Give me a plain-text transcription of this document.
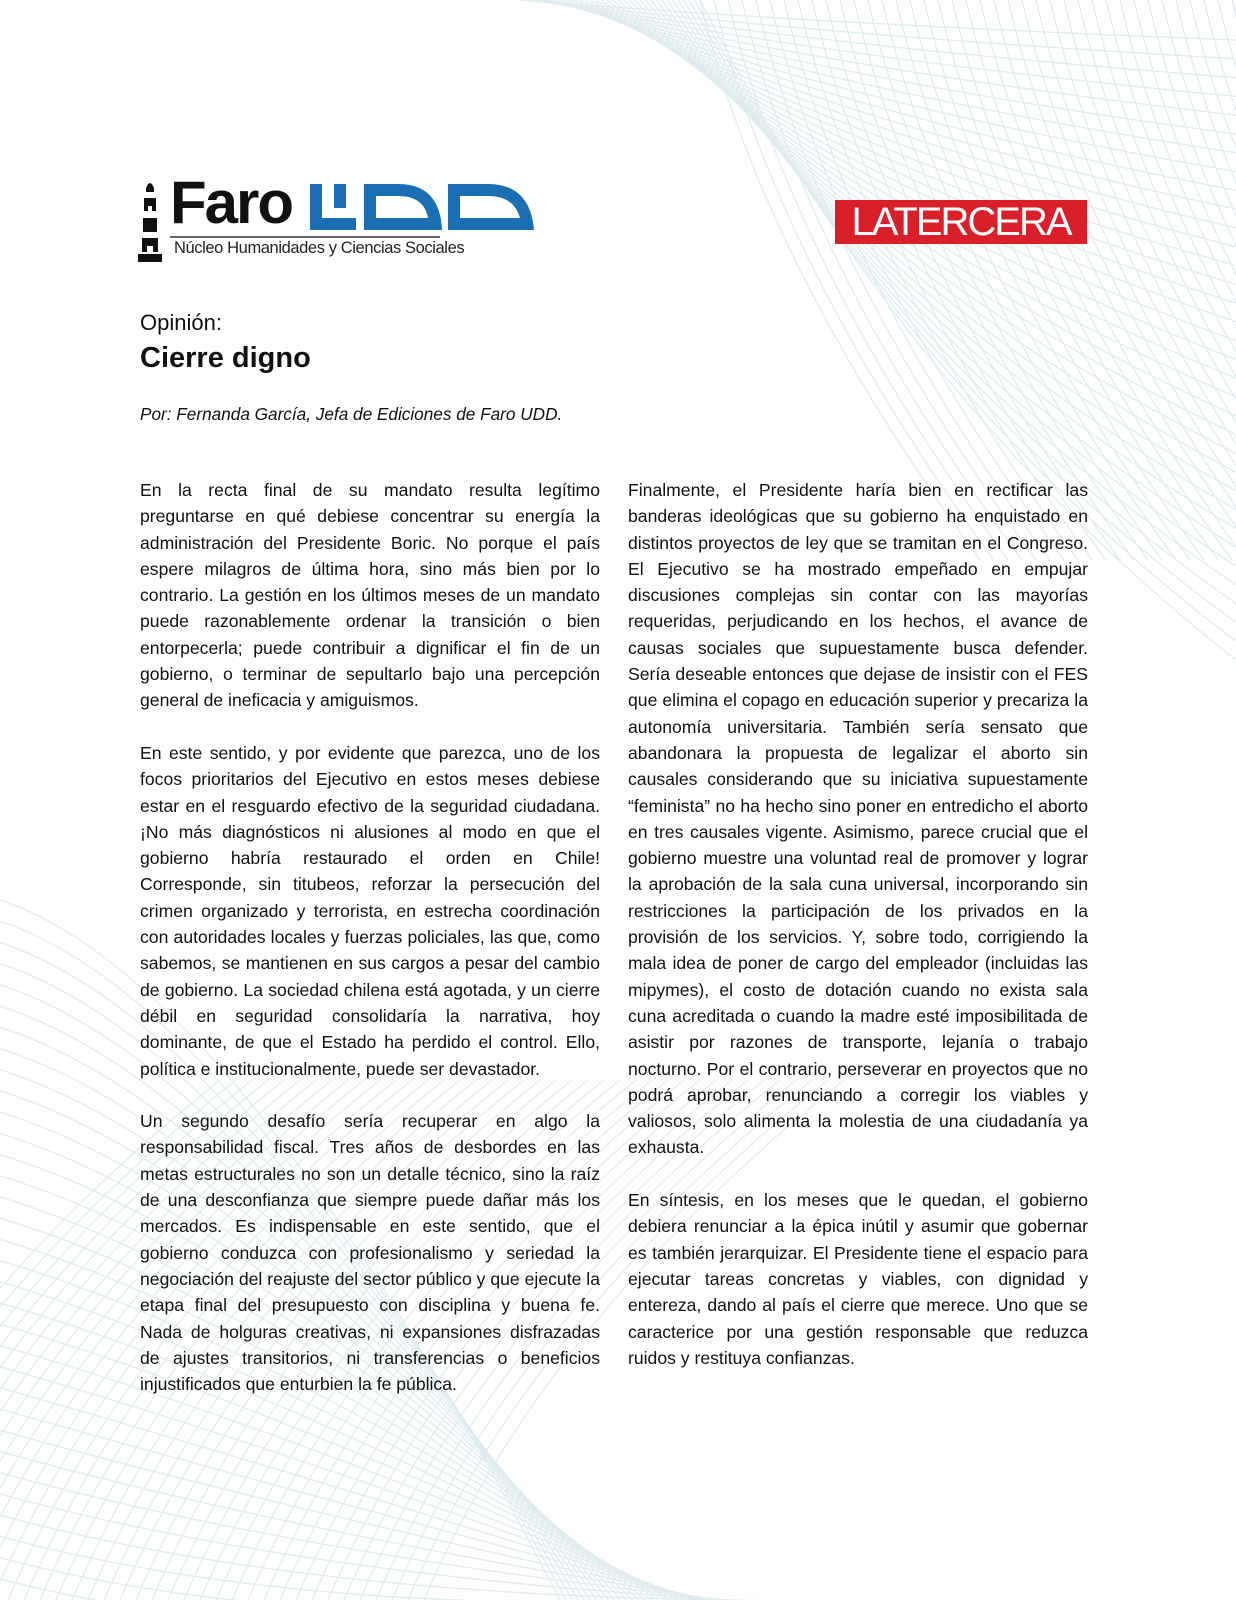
Faro
Núcleo Humanidades y Ciencias Sociales
LATERCERA
Opinión:
Cierre digno
Por: Fernanda García, Jefa de Ediciones de Faro UDD.

En la recta final de su mandato resulta legítimo preguntarse en qué debiese concentrar su energía la administración del Presidente Boric. No porque el país espere milagros de última hora, sino más bien por lo contrario. La gestión en los últimos meses de un mandato puede razonablemente ordenar la transición o bien entorpecerla; puede contribuir a dignificar el fin de un gobierno, o terminar de sepultarlo bajo una percepción general de ineficacia y amiguismos.

En este sentido, y por evidente que parezca, uno de los focos prioritarios del Ejecutivo en estos meses debiese estar en el resguardo efectivo de la seguridad ciudadana. ¡No más diagnósticos ni alusiones al modo en que el gobierno habría restaurado el orden en Chile! Corresponde, sin titubeos, reforzar la persecución del crimen organizado y terrorista, en estrecha coordinación con autoridades locales y fuerzas policiales, las que, como sabemos, se mantienen en sus cargos a pesar del cambio de gobierno. La sociedad chilena está agotada, y un cierre débil en seguridad consolidaría la narrativa, hoy dominante, de que el Estado ha perdido el control. Ello, política e institucionalmente, puede ser devastador.

Un segundo desafío sería recuperar en algo la responsabilidad fiscal. Tres años de desbordes en las metas estructurales no son un detalle técnico, sino la raíz de una desconfianza que siempre puede dañar más los mercados. Es indispensable en este sentido, que el gobierno conduzca con profesionalismo y seriedad la negociación del reajuste del sector público y que ejecute la etapa final del presupuesto con disciplina y buena fe. Nada de holguras creativas, ni expansiones disfrazadas de ajustes transitorios, ni transferencias o beneficios injustificados que enturbien la fe pública.

Finalmente, el Presidente haría bien en rectificar las banderas ideológicas que su gobierno ha enquistado en distintos proyectos de ley que se tramitan en el Congreso. El Ejecutivo se ha mostrado empeñado en empujar discusiones complejas sin contar con las mayorías requeridas, perjudicando en los hechos, el avance de causas sociales que supuestamente busca defender. Sería deseable entonces que dejase de insistir con el FES que elimina el copago en educación superior y precariza la autonomía universitaria. También sería sensato que abandonara la propuesta de legalizar el aborto sin causales considerando que su iniciativa supuestamente “feminista” no ha hecho sino poner en entredicho el aborto en tres causales vigente. Asimismo, parece crucial que el gobierno muestre una voluntad real de promover y lograr la aprobación de la sala cuna universal, incorporando sin restricciones la participación de los privados en la provisión de los servicios. Y, sobre todo, corrigiendo la mala idea de poner de cargo del empleador (incluidas las mipymes), el costo de dotación cuando no exista sala cuna acreditada o cuando la madre esté imposibilitada de asistir por razones de transporte, lejanía o trabajo nocturno. Por el contrario, perseverar en proyectos que no podrá aprobar, renunciando a corregir los viables y valiosos, solo alimenta la molestia de una ciudadanía ya exhausta.

En síntesis, en los meses que le quedan, el gobierno debiera renunciar a la épica inútil y asumir que gobernar es también jerarquizar. El Presidente tiene el espacio para ejecutar tareas concretas y viables, con dignidad y entereza, dando al país el cierre que merece. Uno que se caracterice por una gestión responsable que reduzca ruidos y restituya confianzas.
